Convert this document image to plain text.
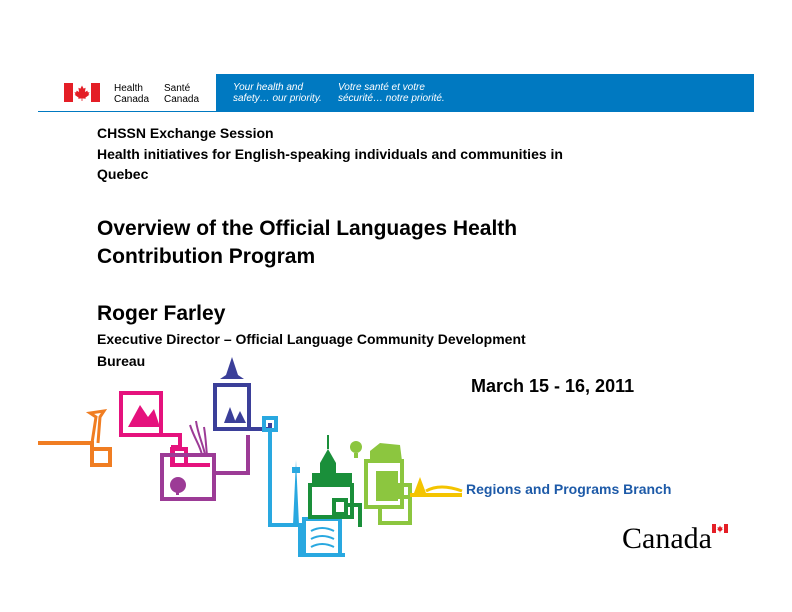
Health
Canada
Santé
Canada
Your health and
safety… our priority.
Votre santé et votre
sécurité… notre priorité.

CHSSN Exchange Session

Health initiatives for English-speaking individuals and communities in

Quebec

Overview of the Official Languages Health
Contribution Program

Roger Farley

Executive Director – Official Language Community Development
Bureau

March 15 - 16, 2011

Regions and Programs Branch
Canada
